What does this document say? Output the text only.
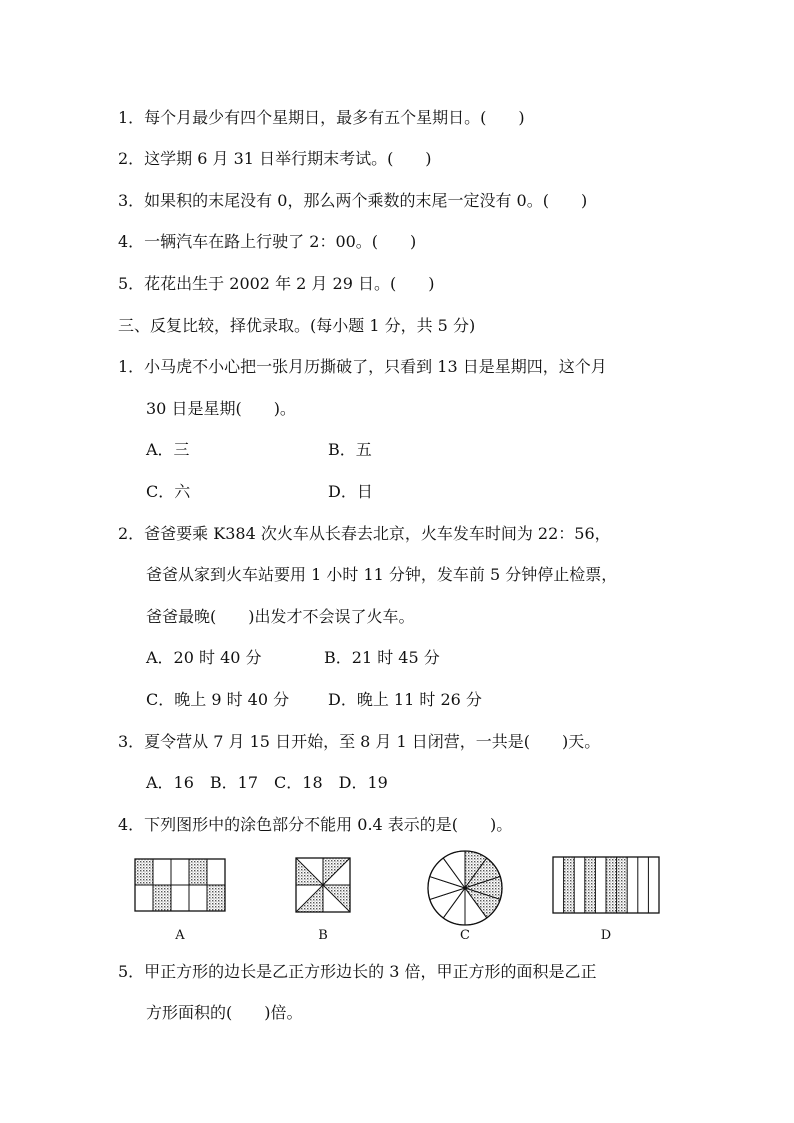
1．每个月最少有四个星期日，最多有五个星期日。(　　)
2．这学期 6 月 31 日举行期末考试。(　　)
3．如果积的末尾没有 0，那么两个乘数的末尾一定没有 0。(　　)
4．一辆汽车在路上行驶了 2：00。(　　)
5．花花出生于 2002 年 2 月 29 日。(　　)
三、反复比较，择优录取。(每小题 1 分，共 5 分)
1．小马虎不小心把一张月历撕破了，只看到 13 日是星期四，这个月
30 日是星期(　　)。
A．三	B．五
C．六	D．日
2．爸爸要乘 K384 次火车从长春去北京，火车发车时间为 22：56，
爸爸从家到火车站要用 1 小时 11 分钟，发车前 5 分钟停止检票，
爸爸最晚(　　)出发才不会误了火车。
A．20 时 40 分	B．21 时 45 分
C．晚上 9 时 40 分 D．晚上 11 时 26 分
3．夏令营从 7 月 15 日开始，至 8 月 1 日闭营，一共是(　　)天。
A．16　B．17　C．18　D．19
4．下列图形中的涂色部分不能用 0.4 表示的是(　　)。
A	B	C	D
5．甲正方形的边长是乙正方形边长的 3 倍，甲正方形的面积是乙正
方形面积的(　　)倍。
